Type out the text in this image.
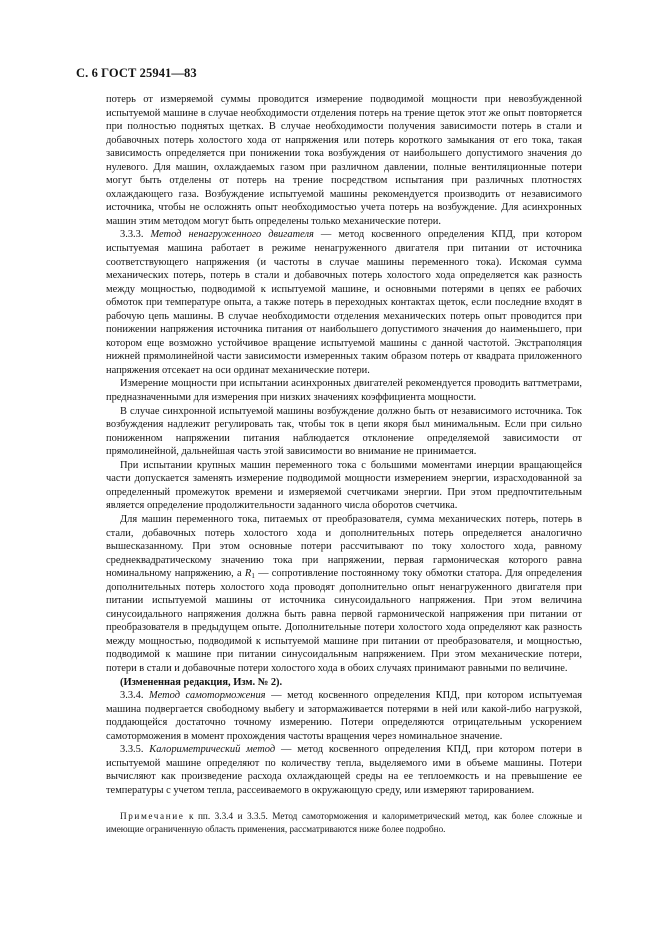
С. 6 ГОСТ 25941—83

потерь от измеряемой суммы проводится измерение подводимой мощности при невозбужденной испытуемой машине в случае необходимости отделения потерь на трение щеток этот же опыт повторяется при полностью поднятых щетках. В случае необходимости получения зависимости потерь в стали и добавочных потерь холостого хода от напряжения или потерь короткого замыкания от его тока, такая зависимость определяется при понижении тока возбуждения от наибольшего допустимого значения до нулевого. Для машин, охлаждаемых газом при различном давлении, полные вентиляционные потери могут быть отделены от потерь на трение посредством испытания при различных плотностях охлаждающего газа. Возбуждение испытуемой машины рекомендуется производить от независимого источника, чтобы не осложнять опыт необходимостью учета потерь на возбуждение. Для асинхронных машин этим методом могут быть определены только механические потери.

3.3.3. Метод ненагруженного двигателя — метод косвенного определения КПД, при котором испытуемая машина работает в режиме ненагруженного двигателя при питании от источника соответствующего напряжения (и частоты в случае машины переменного тока). Искомая сумма механических потерь, потерь в стали и добавочных потерь холостого хода определяется как разность между мощностью, подводимой к испытуемой машине, и основными потерями в цепях ее рабочих обмоток при температуре опыта, а также потерь в переходных контактах щеток, если последние входят в рабочую цепь машины. В случае необходимости отделения механических потерь опыт проводится при понижении напряжения источника питания от наибольшего допустимого значения до наименьшего, при котором еще возможно устойчивое вращение испытуемой машины с данной частотой. Экстраполяция нижней прямолинейной части зависимости измеренных таким образом потерь от квадрата приложенного напряжения отсекает на оси ординат механические потери.

Измерение мощности при испытании асинхронных двигателей рекомендуется проводить ваттметрами, предназначенными для измерения при низких значениях коэффициента мощности.

В случае синхронной испытуемой машины возбуждение должно быть от независимого источника. Ток возбуждения надлежит регулировать так, чтобы ток в цепи якоря был минимальным. Если при сильно пониженном напряжении питания наблюдается отклонение определяемой зависимости от прямолинейной, дальнейшая часть этой зависимости во внимание не принимается.

При испытании крупных машин переменного тока с большими моментами инерции вращающейся части допускается заменять измерение подводимой мощности измерением энергии, израсходованной за определенный промежуток времени и измеряемой счетчиками энергии. При этом предпочтительным является определение продолжительности заданного числа оборотов счетчика.

Для машин переменного тока, питаемых от преобразователя, сумма механических потерь, потерь в стали, добавочных потерь холостого хода и дополнительных потерь определяется аналогично вышесказанному. При этом основные потери рассчитывают по току холостого хода, равному среднеквадратическому значению тока при напряжении, первая гармоническая которого равна номинальному напряжению, а $R_1$ — сопротивление постоянному току обмотки статора. Для определения дополнительных потерь холостого хода проводят дополнительно опыт ненагруженного двигателя при питании испытуемой машины от источника синусоидального напряжения. При этом величина синусоидального напряжения должна быть равна первой гармонической напряжения при питании от преобразователя в предыдущем опыте. Дополнительные потери холостого хода определяют как разность между мощностью, подводимой к испытуемой машине при питании от преобразователя, и мощностью, подводимой к машине при питании синусоидальным напряжением. При этом механические потери, потери в стали и добавочные потери холостого хода в обоих случаях принимают равными по величине.

(Измененная редакция, Изм. № 2).

3.3.4. Метод самоторможения — метод косвенного определения КПД, при котором испытуемая машина подвергается свободному выбегу и затормаживается потерями в ней или какой-либо нагрузкой, поддающейся достаточно точному измерению. Потери определяются отрицательным ускорением самоторможения в момент прохождения частоты вращения через номинальное значение.

3.3.5. Калориметрический метод — метод косвенного определения КПД, при котором потери в испытуемой машине определяют по количеству тепла, выделяемого ими в объеме машины. Потери вычисляют как произведение расхода охлаждающей среды на ее теплоемкость и на превышение ее температуры с учетом тепла, рассеиваемого в окружающую среду, или измеряют тарированием.

Примечание к пп. 3.3.4 и 3.3.5. Метод самоторможения и калориметрический метод, как более сложные и имеющие ограниченную область применения, рассматриваются ниже более подробно.
